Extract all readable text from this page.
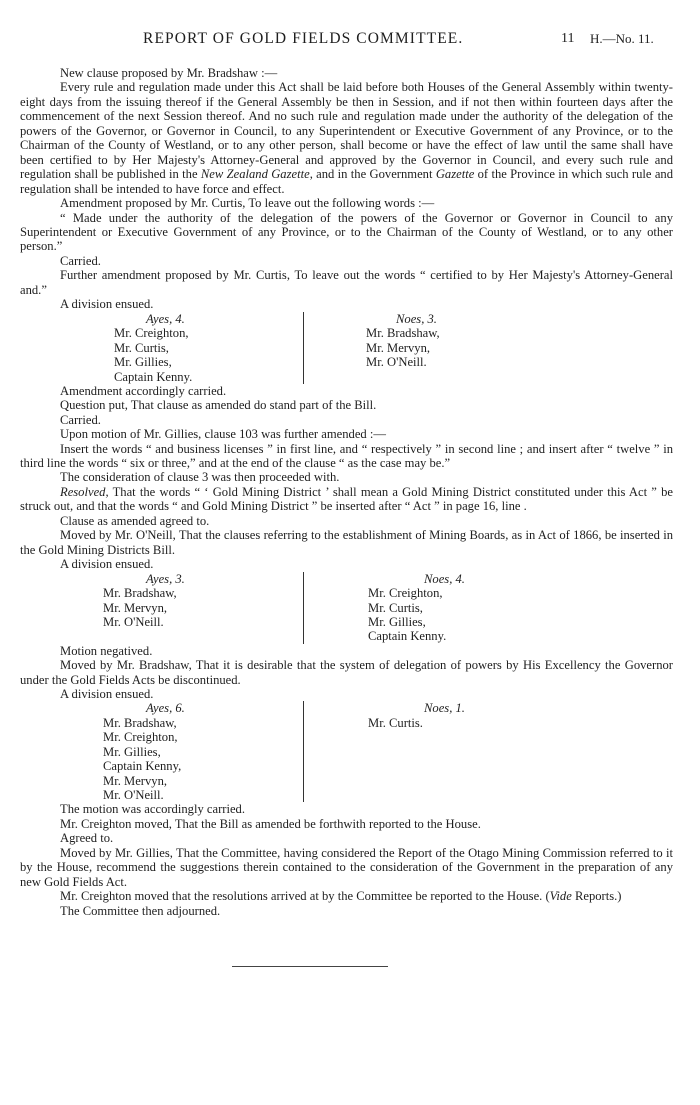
REPORT OF GOLD FIELDS COMMITTEE.	11 H.—No. 11.

New clause proposed by Mr. Bradshaw :—

Every rule and regulation made under this Act shall be laid before both Houses of the General Assembly within twenty-eight days from the issuing thereof if the General Assembly be then in Session, and if not then within fourteen days after the commencement of the next Session thereof. And no such rule and regulation made under the authority of the delegation of the powers of the Governor, or Governor in Council, to any Superintendent or Executive Government of any Province, or to the Chairman of the County of Westland, or to any other person, shall become or have the effect of law until the same shall have been certified to by Her Majesty's Attorney-General and approved by the Governor in Council, and every such rule and regulation shall be published in the New Zealand Gazette, and in the Government Gazette of the Province in which such rule and regulation shall be intended to have force and effect.

Amendment proposed by Mr. Curtis, To leave out the following words :—

“ Made under the authority of the delegation of the powers of the Governor or Governor in Council to any Superintendent or Executive Government of any Province, or to the Chairman of the County of Westland, or to any other person.”

Carried.

Further amendment proposed by Mr. Curtis, To leave out the words “ certified to by Her Majesty's Attorney-General and.”

A division ensued.

Ayes, 4.
Mr. Creighton,
Mr. Curtis,
Mr. Gillies,
Captain Kenny.
Noes, 3.
Mr. Bradshaw,
Mr. Mervyn,
Mr. O'Neill.

Amendment accordingly carried.

Question put, That clause as amended do stand part of the Bill.

Carried.

Upon motion of Mr. Gillies, clause 103 was further amended :—

Insert the words “ and business licenses ” in first line, and “ respectively ” in second line ; and insert after “ twelve ” in third line the words “ six or three,” and at the end of the clause “ as the case may be.”

The consideration of clause 3 was then proceeded with.

Resolved, That the words “ ‘ Gold Mining District ’ shall mean a Gold Mining District constituted under this Act ” be struck out, and that the words “ and Gold Mining District ” be inserted after “ Act ” in page 16, line .

Clause as amended agreed to.

Moved by Mr. O'Neill, That the clauses referring to the establishment of Mining Boards, as in Act of 1866, be inserted in the Gold Mining Districts Bill.

A division ensued.

Ayes, 3.
Mr. Bradshaw,
Mr. Mervyn,
Mr. O'Neill.
Noes, 4.
Mr. Creighton,
Mr. Curtis,
Mr. Gillies,
Captain Kenny.

Motion negatived.

Moved by Mr. Bradshaw, That it is desirable that the system of delegation of powers by His Excellency the Governor under the Gold Fields Acts be discontinued.

A division ensued.

Ayes, 6.
Mr. Bradshaw,
Mr. Creighton,
Mr. Gillies,
Captain Kenny,
Mr. Mervyn,
Mr. O'Neill.
Noes, 1.
Mr. Curtis.

The motion was accordingly carried.

Mr. Creighton moved, That the Bill as amended be forthwith reported to the House.

Agreed to.

Moved by Mr. Gillies, That the Committee, having considered the Report of the Otago Mining Commission referred to it by the House, recommend the suggestions therein contained to the consideration of the Government in the preparation of any new Gold Fields Act.

Mr. Creighton moved that the resolutions arrived at by the Committee be reported to the House. (Vide Reports.)

The Committee then adjourned.
